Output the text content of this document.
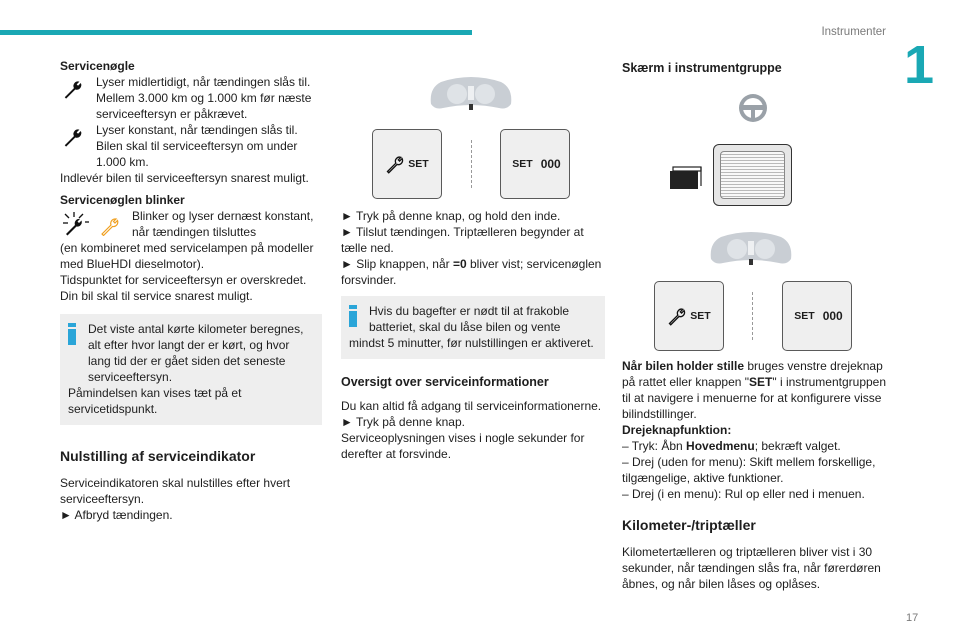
Instrumenter
1
17
Servicenøgle
Lyser midlertidigt, når tændingen slås til. Mellem 3.000 km og 1.000 km før næste serviceeftersyn er påkrævet.
Lyser konstant, når tændingen slås til. Bilen skal til serviceeftersyn om under 1.000 km.
Indlevér bilen til serviceeftersyn snarest muligt.
Servicenøglen blinker
Blinker og lyser dernæst konstant, når tændingen tilsluttes
(en kombineret med servicelampen på modeller med BlueHDI dieselmotor).
Tidspunktet for serviceeftersyn er overskredet. Din bil skal til service snarest muligt.
Det viste antal kørte kilometer beregnes, alt efter hvor langt der er kørt, og hvor lang tid der er gået siden det seneste serviceeftersyn.
Påmindelsen kan vises tæt på et servicetidspunkt.
Nulstilling af serviceindikator
Serviceindikatoren skal nulstilles efter hvert serviceeftersyn.
► Afbryd tændingen.
SET	SET 000
► Tryk på denne knap, og hold den inde.
► Tilslut tændingen. Triptælleren begynder at tælle ned.
► Slip knappen, når =0 bliver vist; servicenøglen forsvinder.
Hvis du bagefter er nødt til at frakoble batteriet, skal du låse bilen og vente
mindst 5 minutter, før nulstillingen er aktiveret.
Oversigt over serviceinformationer
Du kan altid få adgang til serviceinformationerne.
► Tryk på denne knap.
Serviceoplysningen vises i nogle sekunder for derefter at forsvinde.
Skærm i instrumentgruppe
SET	SET 000
Når bilen holder stille bruges venstre drejeknap på rattet eller knappen "SET" i instrumentgruppen til at navigere i menuerne for at konfigurere visse bilindstillinger.
Drejeknapfunktion:
– Tryk: Åbn Hovedmenu; bekræft valget.
– Drej (uden for menu): Skift mellem forskellige, tilgængelige, aktive funktioner.
– Drej (i en menu): Rul op eller ned i menuen.
Kilometer-/triptæller
Kilometertælleren og triptælleren bliver vist i 30 sekunder, når tændingen slås fra, når førerdøren åbnes, og når bilen låses og oplåses.
